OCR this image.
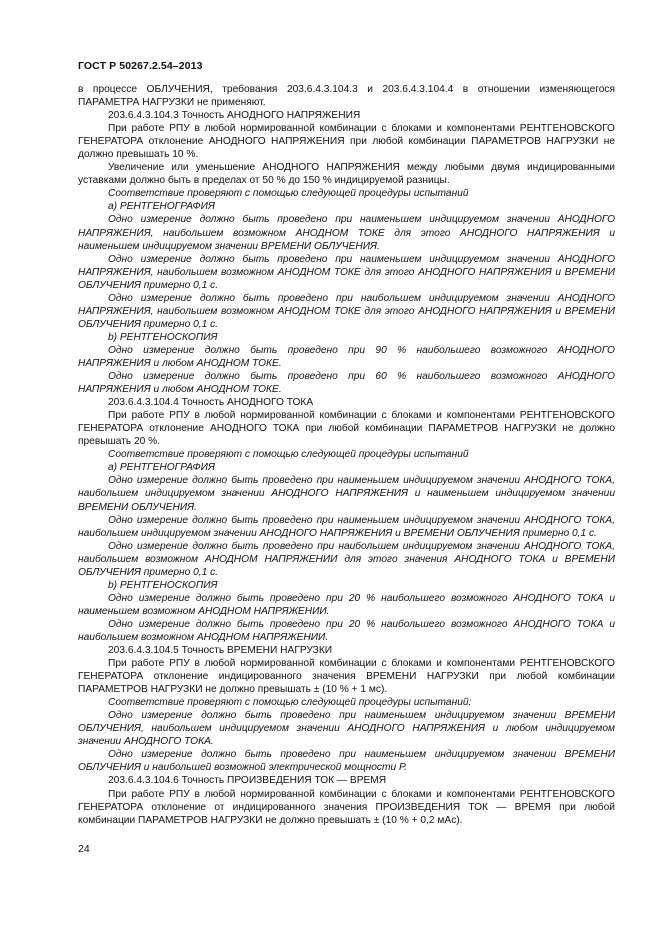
ГОСТ Р 50267.2.54–2013

в процессе ОБЛУЧЕНИЯ, требования 203.6.4.3.104.3 и 203.6.4.3.104.4 в отношении изменяющегося ПАРАМЕТРА НАГРУЗКИ не применяют.

203.6.4.3.104.3 Точность АНОДНОГО НАПРЯЖЕНИЯ

При работе РПУ в любой нормированной комбинации с блоками и компонентами РЕНТГЕНОВСКОГО ГЕНЕРАТОРА отклонение АНОДНОГО НАПРЯЖЕНИЯ при любой комбинации ПАРАМЕТРОВ НАГРУЗКИ не должно превышать 10 %.

Увеличение или уменьшение АНОДНОГО НАПРЯЖЕНИЯ между любыми двумя индицированными уставками должно быть в пределах от 50 % до 150 % индицируемой разницы.

Соответствие проверяют с помощью следующей процедуры испытаний

а) РЕНТГЕНОГРАФИЯ

Одно измерение должно быть проведено при наименьшем индицируемом значении АНОДНОГО НАПРЯЖЕНИЯ, наибольшем возможном АНОДНОМ ТОКЕ для этого АНОДНОГО НАПРЯЖЕНИЯ и наименьшем индицируемом значении ВРЕМЕНИ ОБЛУЧЕНИЯ.

Одно измерение должно быть проведено при наименьшем индицируемом значении АНОДНОГО НАПРЯЖЕНИЯ, наибольшем возможном АНОДНОМ ТОКЕ для этого АНОДНОГО НАПРЯЖЕНИЯ и ВРЕМЕНИ ОБЛУЧЕНИЯ примерно 0,1 с.

Одно измерение должно быть проведено при наибольшем индицируемом значении АНОДНОГО НАПРЯЖЕНИЯ, наибольшем возможном АНОДНОМ ТОКЕ для этого АНОДНОГО НАПРЯЖЕНИЯ и ВРЕМЕНИ ОБЛУЧЕНИЯ примерно 0,1 с.

b) РЕНТГЕНОСКОПИЯ

Одно измерение должно быть проведено при 90 % наибольшего возможного АНОДНОГО НАПРЯЖЕНИЯ и любом АНОДНОМ ТОКЕ.

Одно измерение должно быть проведено при 60 % наибольшего возможного АНОДНОГО НАПРЯЖЕНИЯ и любом АНОДНОМ ТОКЕ.

203.6.4.3.104.4 Точность АНОДНОГО ТОКА

При работе РПУ в любой нормированной комбинации с блоками и компонентами РЕНТГЕНОВСКОГО ГЕНЕРАТОРА отклонение АНОДНОГО ТОКА при любой комбинации ПАРАМЕТРОВ НАГРУЗКИ не должно превышать 20 %.

Соответствие проверяют с помощью следующей процедуры испытаний

а) РЕНТГЕНОГРАФИЯ

Одно измерение должно быть проведено при наименьшем индицируемом значении АНОДНОГО ТОКА, наибольшем индицируемом значении АНОДНОГО НАПРЯЖЕНИЯ и наименьшем индицируемом значении ВРЕМЕНИ ОБЛУЧЕНИЯ.

Одно измерение должно быть проведено при наименьшем индицируемом значении АНОДНОГО ТОКА, наибольшем индицируемом значении АНОДНОГО НАПРЯЖЕНИЯ и ВРЕМЕНИ ОБЛУЧЕНИЯ примерно 0,1 с.

Одно измерение должно быть проведено при наибольшем индицируемом значении АНОДНОГО ТОКА, наибольшем возможном АНОДНОМ НАПРЯЖЕНИИ для этого значения АНОДНОГО ТОКА и ВРЕМЕНИ ОБЛУЧЕНИЯ примерно 0,1 с.

b) РЕНТГЕНОСКОПИЯ

Одно измерение должно быть проведено при 20 % наибольшего возможного АНОДНОГО ТОКА и наименьшем возможном АНОДНОМ НАПРЯЖЕНИИ.

Одно измерение должно быть проведено при 20 % наибольшего возможного АНОДНОГО ТОКА и наибольшем возможном АНОДНОМ НАПРЯЖЕНИИ.

203.6.4.3.104.5 Точность ВРЕМЕНИ НАГРУЗКИ

При работе РПУ в любой нормированной комбинации с блоками и компонентами РЕНТГЕНОВСКОГО ГЕНЕРАТОРА отклонение индицированного значения ВРЕМЕНИ НАГРУЗКИ при любой комбинации ПАРАМЕТРОВ НАГРУЗКИ не должно превышать ± (10 % + 1 мс).

Соответствие проверяют с помощью следующей процедуры испытаний:

Одно измерение должно быть проведено при наименьшем индицируемом значении ВРЕМЕНИ ОБЛУЧЕНИЯ, наибольшем индицируемом значении АНОДНОГО НАПРЯЖЕНИЯ и любом индицируемом значении АНОДНОГО ТОКА.

Одно измерение должно быть проведено при наименьшем индицируемом значении ВРЕМЕНИ ОБЛУЧЕНИЯ и наибольшей возможной электрической мощности Р.

203.6.4.3.104.6 Точность ПРОИЗВЕДЕНИЯ ТОК — ВРЕМЯ

При работе РПУ в любой нормированной комбинации с блоками и компонентами РЕНТГЕНОВСКОГО ГЕНЕРАТОРА отклонение от индицированного значения ПРОИЗВЕДЕНИЯ ТОК — ВРЕМЯ при любой комбинации ПАРАМЕТРОВ НАГРУЗКИ не должно превышать ± (10 % + 0,2 мАс).

24
